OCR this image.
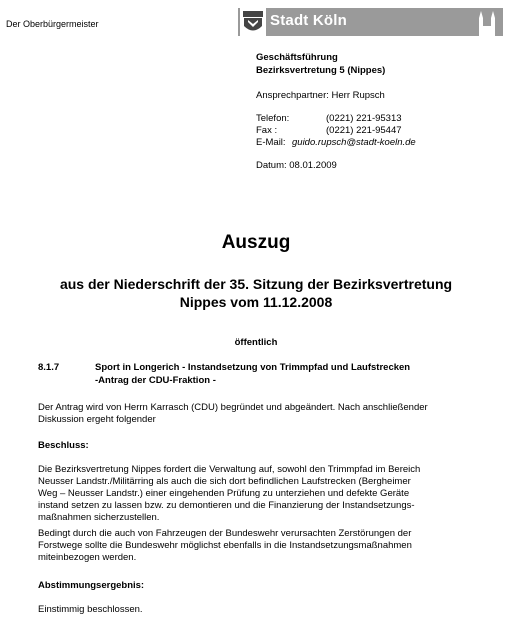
Der Oberbürgermeister	Stadt Köln
Geschäftsführung
Bezirksvertretung 5 (Nippes)
Ansprechpartner: Herr Rupsch
Telefon:	(0221) 221-95313
Fax :	(0221) 221-95447
E-Mail: guido.rupsch@stadt-koeln.de
Datum: 08.01.2009
Auszug
aus der Niederschrift der 35. Sitzung der Bezirksvertretung
Nippes vom 11.12.2008
öffentlich
8.1.7	Sport in Longerich - Instandsetzung von Trimmpfad und Laufstrecken
-Antrag der CDU-Fraktion -
Der Antrag wird von Herrn Karrasch (CDU) begründet und abgeändert. Nach anschließender
Diskussion ergeht folgender
Beschluss:
Die Bezirksvertretung Nippes fordert die Verwaltung auf, sowohl den Trimmpfad im Bereich
Neusser Landstr./Militärring als auch die sich dort befindlichen Laufstrecken (Bergheimer
Weg – Neusser Landstr.) einer eingehenden Prüfung zu unterziehen und defekte Geräte
instand setzen zu lassen bzw. zu demontieren und die Finanzierung der Instandsetzungs-
maßnahmen sicherzustellen.
Bedingt durch die auch von Fahrzeugen der Bundeswehr verursachten Zerstörungen der
Forstwege sollte die Bundeswehr möglichst ebenfalls in die Instandsetzungsmaßnahmen
miteinbezogen werden.
Abstimmungsergebnis:
Einstimmig beschlossen.
